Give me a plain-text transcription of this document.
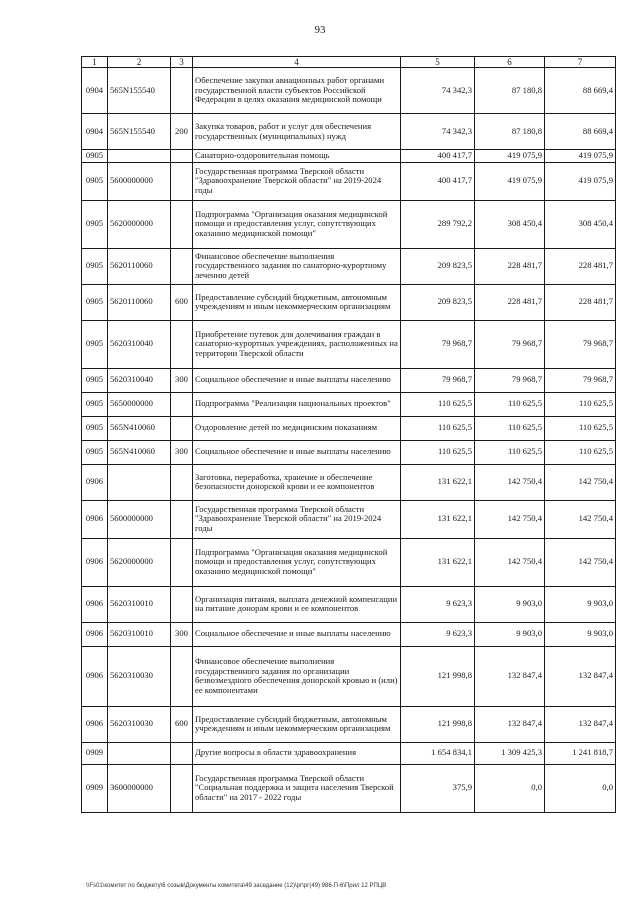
93
1	2	3	4	5	6	7
0904	565N155540		Обеспечение закупки авиационных работ органами государственной власти субъектов Российской Федерации в целях оказания медицинской помощи	74 342,3	87 180,8	88 669,4
0904	565N155540	200	Закупка товаров, работ и услуг для обеспечения государственных (муниципальных) нужд	74 342,3	87 180,8	88 669,4
0905			Санаторно-оздоровительная помощь	400 417,7	419 075,9	419 075,9
0905	5600000000		Государственная программа Тверской области "Здравоохранение Тверской области" на 2019-2024 годы	400 417,7	419 075,9	419 075,9
0905	5620000000		Подпрограмма "Организация оказания медицинской помощи и предоставления услуг, сопутствующих оказанию медицинской помощи"	289 792,2	308 450,4	308 450,4
0905	5620110060		Финансовое обеспечение выполнения государственного задания по санаторно-курортному лечению детей	209 823,5	228 481,7	228 481,7
0905	5620110060	600	Предоставление субсидий бюджетным, автономным учреждениям и иным некоммерческим организациям	209 823,5	228 481,7	228 481,7
0905	5620310040		Приобретение путевок для долечивания граждан в санаторно-курортных учреждениях, расположенных на территории Тверской области	79 968,7	79 968,7	79 968,7
0905	5620310040	300	Социальное обеспечение и иные выплаты населению	79 968,7	79 968,7	79 968,7
0905	5650000000		Подпрограмма "Реализация национальных проектов"	110 625,5	110 625,5	110 625,5
0905	565N410060		Оздоровление детей по медицинским показаниям	110 625,5	110 625,5	110 625,5
0905	565N410060	300	Социальное обеспечение и иные выплаты населению	110 625,5	110 625,5	110 625,5
0906			Заготовка, переработка, хранение и обеспечение безопасности донорской крови и ее компонентов	131 622,1	142 750,4	142 750,4
0906	5600000000		Государственная программа Тверской области "Здравоохранение Тверской области" на 2019-2024 годы	131 622,1	142 750,4	142 750,4
0906	5620000000		Подпрограмма "Организация оказания медицинской помощи и предоставления услуг, сопутствующих оказанию медицинской помощи"	131 622,1	142 750,4	142 750,4
0906	5620310010		Организация питания, выплата денежной компенсации на питание донорам крови и ее компонентов	9 623,3	9 903,0	9 903,0
0906	5620310010	300	Социальное обеспечение и иные выплаты населению	9 623,3	9 903,0	9 903,0
0906	5620310030		Финансовое обеспечение выполнения государственного задания по организации безвозмездного обеспечения донорской кровью и (или) ее компонентами	121 998,8	132 847,4	132 847,4
0906	5620310030	600	Предоставление субсидий бюджетным, автономным учреждениям и иным некоммерческим организациям	121 998,8	132 847,4	132 847,4
0909			Другие вопросы в области здравоохранения	1 654 834,1	1 309 425,3	1 241 818,7
0909	3600000000		Государственная программа Тверской области "Социальная поддержка и защита населения Тверской области" на 2017 - 2022 годы	375,9	0,0	0,0
\\Fs01\комитет по бюджету\6 созыв\Документы комитета\49 заседание (12)\рг\рг(49) 986-П-6\Прил 12 РПЦВ
